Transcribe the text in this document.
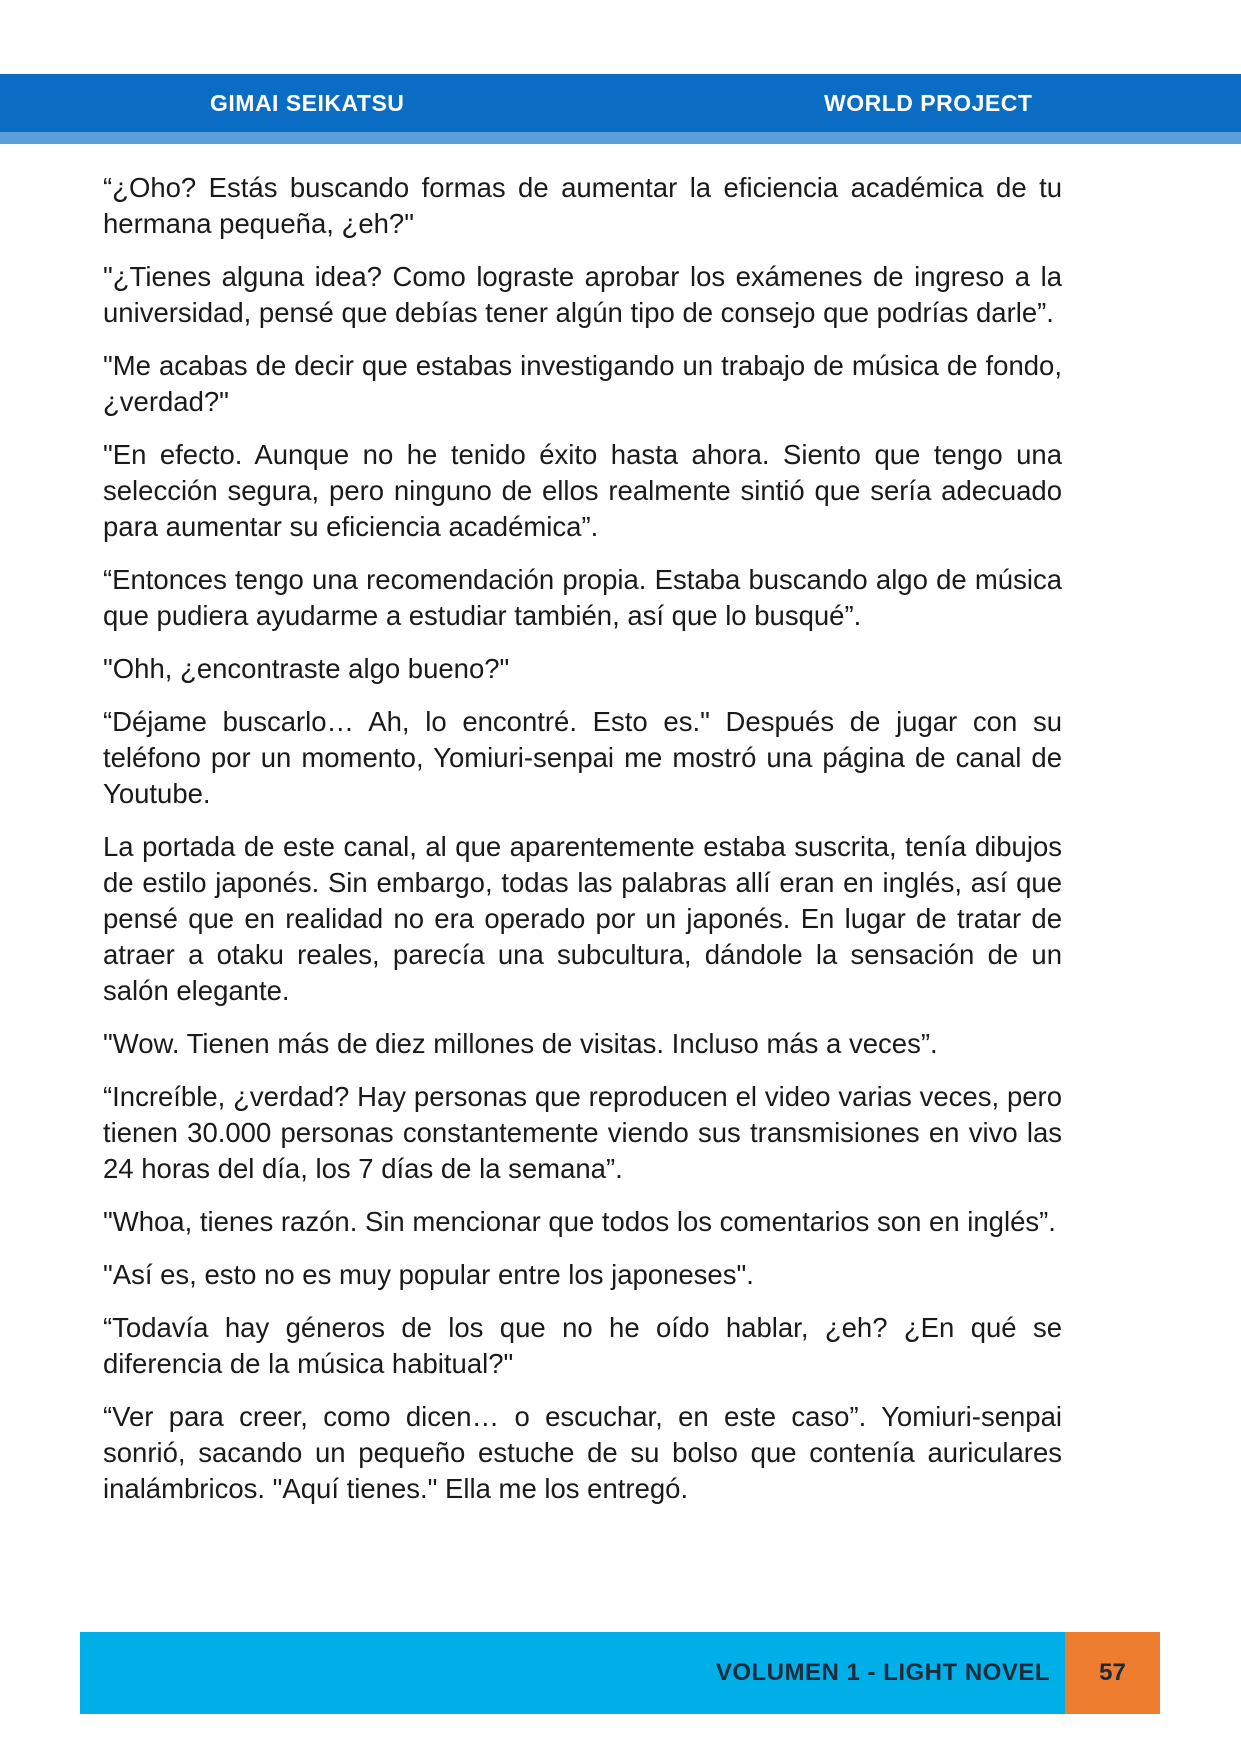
GIMAI SEIKATSU	WORLD PROJECT

“¿Oho? Estás buscando formas de aumentar la eficiencia académica de tu hermana pequeña, ¿eh?"

"¿Tienes alguna idea? Como lograste aprobar los exámenes de ingreso a la universidad, pensé que debías tener algún tipo de consejo que podrías darle”.

"Me acabas de decir que estabas investigando un trabajo de música de fondo, ¿verdad?"

"En efecto. Aunque no he tenido éxito hasta ahora. Siento que tengo una selección segura, pero ninguno de ellos realmente sintió que sería adecuado para aumentar su eficiencia académica”.

“Entonces tengo una recomendación propia. Estaba buscando algo de música que pudiera ayudarme a estudiar también, así que lo busqué”.

"Ohh, ¿encontraste algo bueno?"

“Déjame buscarlo… Ah, lo encontré. Esto es." Después de jugar con su teléfono por un momento, Yomiuri-senpai me mostró una página de canal de Youtube.

La portada de este canal, al que aparentemente estaba suscrita, tenía dibujos de estilo japonés. Sin embargo, todas las palabras allí eran en inglés, así que pensé que en realidad no era operado por un japonés. En lugar de tratar de atraer a otaku reales, parecía una subcultura, dándole la sensación de un salón elegante.

"Wow. Tienen más de diez millones de visitas. Incluso más a veces”.

“Increíble, ¿verdad? Hay personas que reproducen el video varias veces, pero tienen 30.000 personas constantemente viendo sus transmisiones en vivo las 24 horas del día, los 7 días de la semana”.

"Whoa, tienes razón. Sin mencionar que todos los comentarios son en inglés”.

"Así es, esto no es muy popular entre los japoneses".

“Todavía hay géneros de los que no he oído hablar, ¿eh? ¿En qué se diferencia de la música habitual?"

“Ver para creer, como dicen… o escuchar, en este caso”. Yomiuri-senpai sonrió, sacando un pequeño estuche de su bolso que contenía auriculares inalámbricos. "Aquí tienes." Ella me los entregó.

VOLUMEN 1 - LIGHT NOVEL	57
